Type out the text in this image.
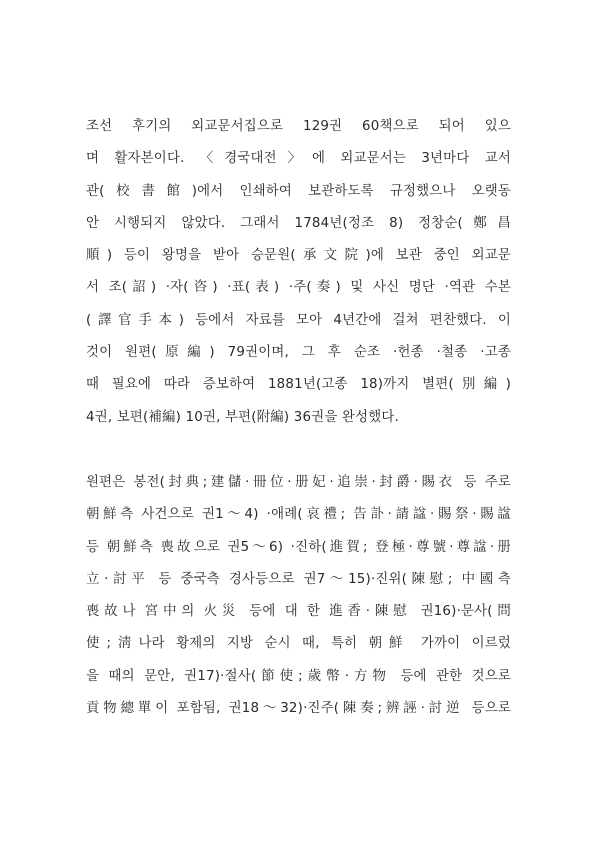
조선 후기의 외교문서집으로 129권 60책으로 되어 있으
며 활자본이다. 〈경국대전〉에 외교문서는 3년마다 교서
관(校書館)에서 인쇄하여 보관하도록 규정했으나 오랫동
안 시행되지 않았다. 그래서 1784년(정조 8) 정창순(鄭昌
順) 등이 왕명을 받아 승문원(承文院)에 보관 중인 외교문
서 조(詔) ·자(咨) ·표(表) ·주(奏) 및 사신 명단 ·역관 수본
(譯官手本) 등에서 자료를 모아 4년간에 걸쳐 편찬했다. 이
것이 원편(原編) 79권이며, 그 후 순조 ·헌종 ·철종 ·고종
때 필요에 따라 증보하여 1881년(고종 18)까지 별편(別編)
4권, 보편(補編) 10권, 부편(附編) 36권을 완성했다.
원편은 봉전(封典;建儲·冊位·册妃·追崇·封爵·賜衣 등 주로
朝鮮측 사건으로 권1～4) ·애례(哀禮; 告訃·請諡·賜祭·賜諡
등 朝鮮측 喪故으로 권5～6) ·진하(進賀; 登極·尊號·尊諡·册
立·討平 등 중국측 경사등으로 권7～15)·진위(陳慰; 中國측
喪故나 宮中의 火災 등에 대 한 進香·陳慰 권16)·문사(問
使;淸나라 황제의 지방 순시 때, 특히 朝鮮 가까이 이르렀
을 때의 문안, 권17)·절사(節使;歲幣·方物 등에 관한 것으로
貢物總單이 포함됨, 권18～32)·진주(陳奏;辨誣·討逆 등으로
